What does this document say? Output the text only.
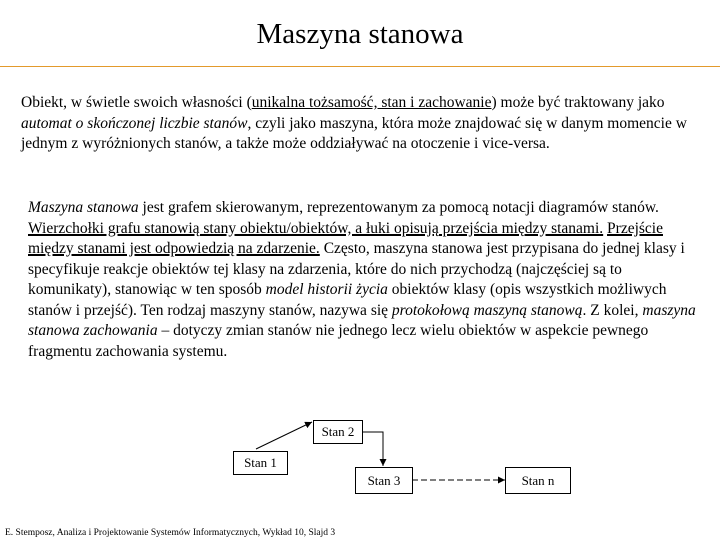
Maszyna stanowa

Obiekt, w świetle swoich własności (unikalna tożsamość, stan i zachowanie) może być traktowany jako automat o skończonej liczbie stanów, czyli jako maszyna, która może znajdować się w danym momencie w jednym z wyróżnionych stanów, a także może oddziaływać na otoczenie i vice-versa.

Maszyna stanowa jest grafem skierowanym, reprezentowanym za pomocą notacji diagramów stanów. Wierzchołki grafu stanowią stany obiektu/obiektów, a łuki opisują przejścia między stanami. Przejście między stanami jest odpowiedzią na zdarzenie. Często, maszyna stanowa jest przypisana do jednej klasy i specyfikuje reakcje obiektów tej klasy na zdarzenia, które do nich przychodzą (najczęściej są to komunikaty), stanowiąc w ten sposób model historii życia obiektów klasy (opis wszystkich możliwych stanów i przejść). Ten rodzaj maszyny stanów, nazywa się protokołową maszyną stanową. Z kolei, maszyna stanowa zachowania – dotyczy zmian stanów nie jednego lecz wielu obiektów w aspekcie pewnego fragmentu zachowania systemu.

Stan 1
Stan 2
Stan 3	Stan n
E. Stemposz, Analiza i Projektowanie Systemów Informatycznych, Wykład 10, Slajd 3
